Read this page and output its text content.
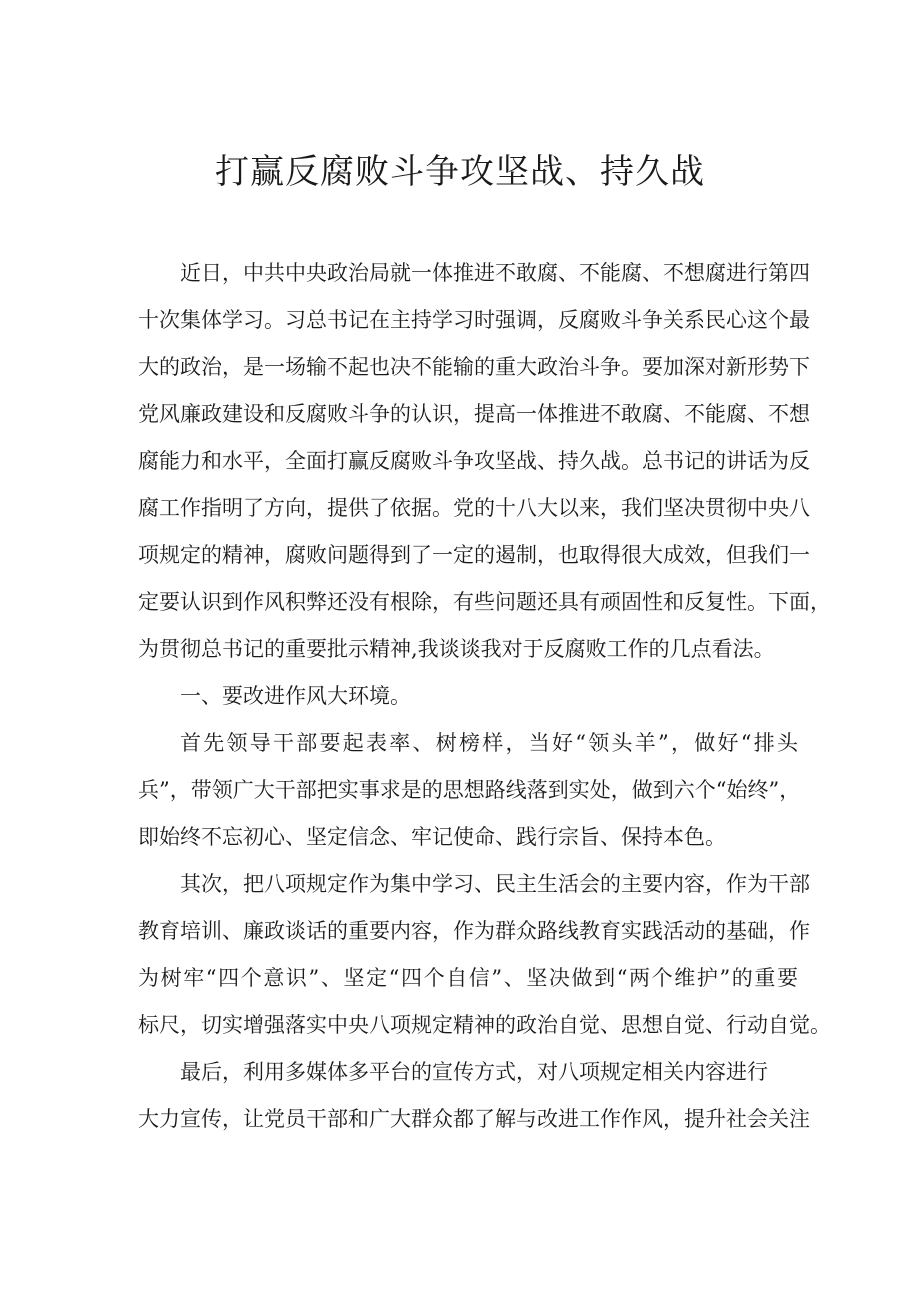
打赢反腐败斗争攻坚战、持久战
近日，中共中央政治局就一体推进不敢腐、不能腐、不想腐进行第四
十次集体学习。习总书记在主持学习时强调，反腐败斗争关系民心这个最
大的政治，是一场输不起也决不能输的重大政治斗争。要加深对新形势下
党风廉政建设和反腐败斗争的认识，提高一体推进不敢腐、不能腐、不想
腐能力和水平，全面打赢反腐败斗争攻坚战、持久战。总书记的讲话为反
腐工作指明了方向，提供了依据。党的十八大以来，我们坚决贯彻中央八
项规定的精神，腐败问题得到了一定的遏制，也取得很大成效，但我们一
定要认识到作风积弊还没有根除，有些问题还具有顽固性和反复性。下面，
为贯彻总书记的重要批示精神,我谈谈我对于反腐败工作的几点看法。
一、要改进作风大环境。
首先领导干部要起表率、树榜样，当好“领头羊”，做好“排头
兵”，带领广大干部把实事求是的思想路线落到实处，做到六个“始终”，
即始终不忘初心、坚定信念、牢记使命、践行宗旨、保持本色。
其次，把八项规定作为集中学习、民主生活会的主要内容，作为干部
教育培训、廉政谈话的重要内容，作为群众路线教育实践活动的基础，作
为树牢“四个意识”、坚定“四个自信”、坚决做到“两个维护”的重要
标尺，切实增强落实中央八项规定精神的政治自觉、思想自觉、行动自觉。
最后，利用多媒体多平台的宣传方式，对八项规定相关内容进行
大力宣传，让党员干部和广大群众都了解与改进工作作风，提升社会关注
